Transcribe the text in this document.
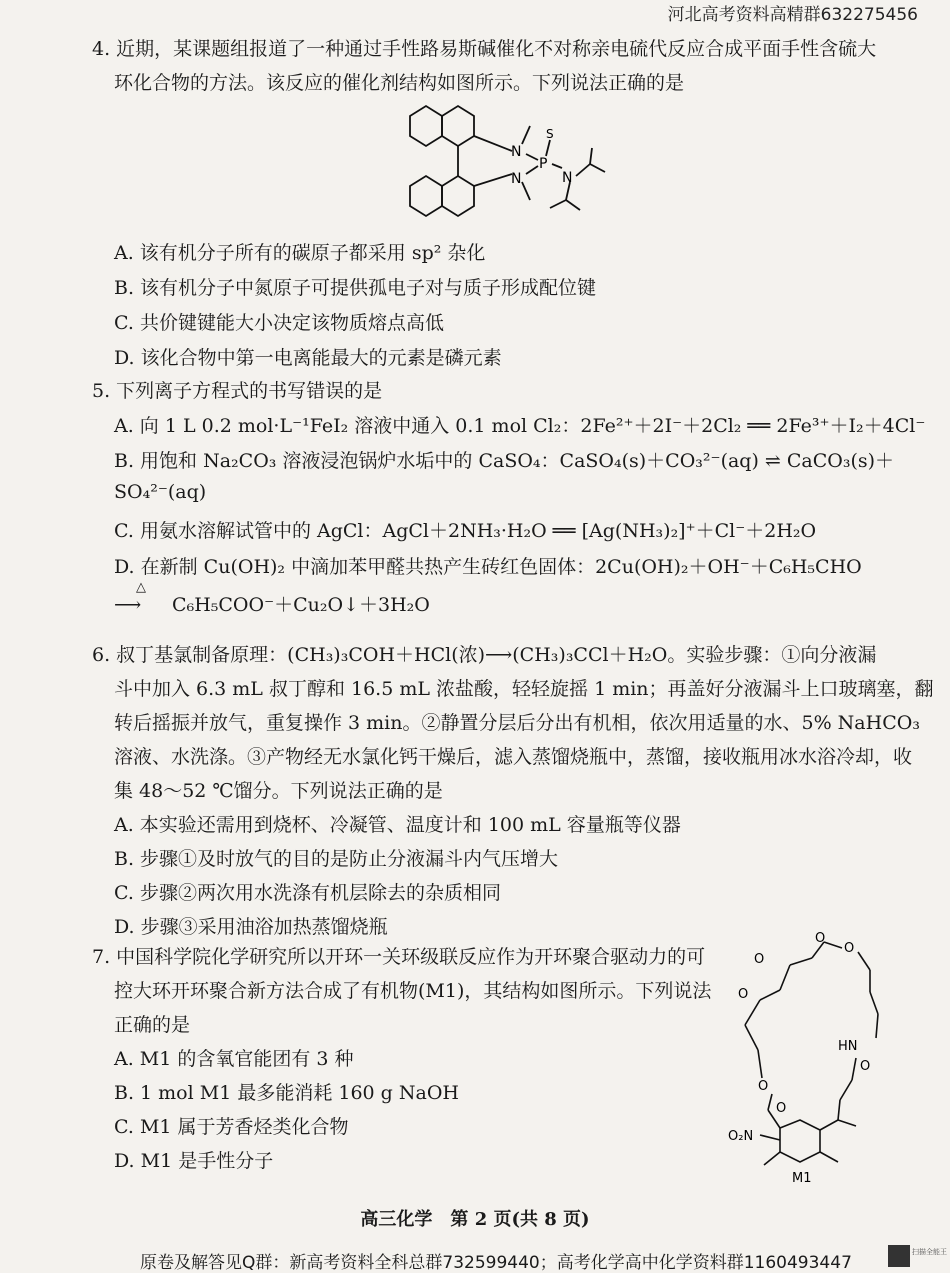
河北高考资料高精群632275456
4. 近期，某课题组报道了一种通过手性路易斯碱催化不对称亲电硫代反应合成平面手性含硫大
环化合物的方法。该反应的催化剂结构如图所示。下列说法正确的是
N
N
P
S
N
A. 该有机分子所有的碳原子都采用 sp² 杂化
B. 该有机分子中氮原子可提供孤电子对与质子形成配位键
C. 共价键键能大小决定该物质熔点高低
D. 该化合物中第一电离能最大的元素是磷元素
5. 下列离子方程式的书写错误的是
A. 向 1 L 0.2 mol·L⁻¹FeI₂ 溶液中通入 0.1 mol Cl₂：2Fe²⁺＋2I⁻＋2Cl₂ ══ 2Fe³⁺＋I₂＋4Cl⁻
B. 用饱和 Na₂CO₃ 溶液浸泡锅炉水垢中的 CaSO₄：CaSO₄(s)＋CO₃²⁻(aq) ⇌ CaCO₃(s)＋
SO₄²⁻(aq)
C. 用氨水溶解试管中的 AgCl：AgCl＋2NH₃·H₂O ══ [Ag(NH₃)₂]⁺＋Cl⁻＋2H₂O
D. 在新制 Cu(OH)₂ 中滴加苯甲醛共热产生砖红色固体：2Cu(OH)₂＋OH⁻＋C₆H₅CHO
△
⟶ C₆H₅COO⁻＋Cu₂O↓＋3H₂O
6. 叔丁基氯制备原理：(CH₃)₃COH＋HCl(浓)⟶(CH₃)₃CCl＋H₂O。实验步骤：①向分液漏
斗中加入 6.3 mL 叔丁醇和 16.5 mL 浓盐酸，轻轻旋摇 1 min；再盖好分液漏斗上口玻璃塞，翻
转后摇振并放气，重复操作 3 min。②静置分层后分出有机相，依次用适量的水、5% NaHCO₃
溶液、水洗涤。③产物经无水氯化钙干燥后，滤入蒸馏烧瓶中，蒸馏，接收瓶用冰水浴冷却，收
集 48～52 ℃馏分。下列说法正确的是
A. 本实验还需用到烧杯、冷凝管、温度计和 100 mL 容量瓶等仪器
B. 步骤①及时放气的目的是防止分液漏斗内气压增大
C. 步骤②两次用水洗涤有机层除去的杂质相同
D. 步骤③采用油浴加热蒸馏烧瓶
7. 中国科学院化学研究所以开环一关环级联反应作为开环聚合驱动力的可
控大环开环聚合新方法合成了有机物(M1)，其结构如图所示。下列说法
正确的是
A. M1 的含氧官能团有 3 种
B. 1 mol M1 最多能消耗 160 g NaOH
C. M1 属于芳香烃类化合物
D. M1 是手性分子
O
O
O
O
O
O
O
HN
O₂N
M1
高三化学　第 2 页(共 8 页)
原卷及解答见Q群：新高考资料全科总群732599440；高考化学高中化学资料群1160493447
扫描全能王
